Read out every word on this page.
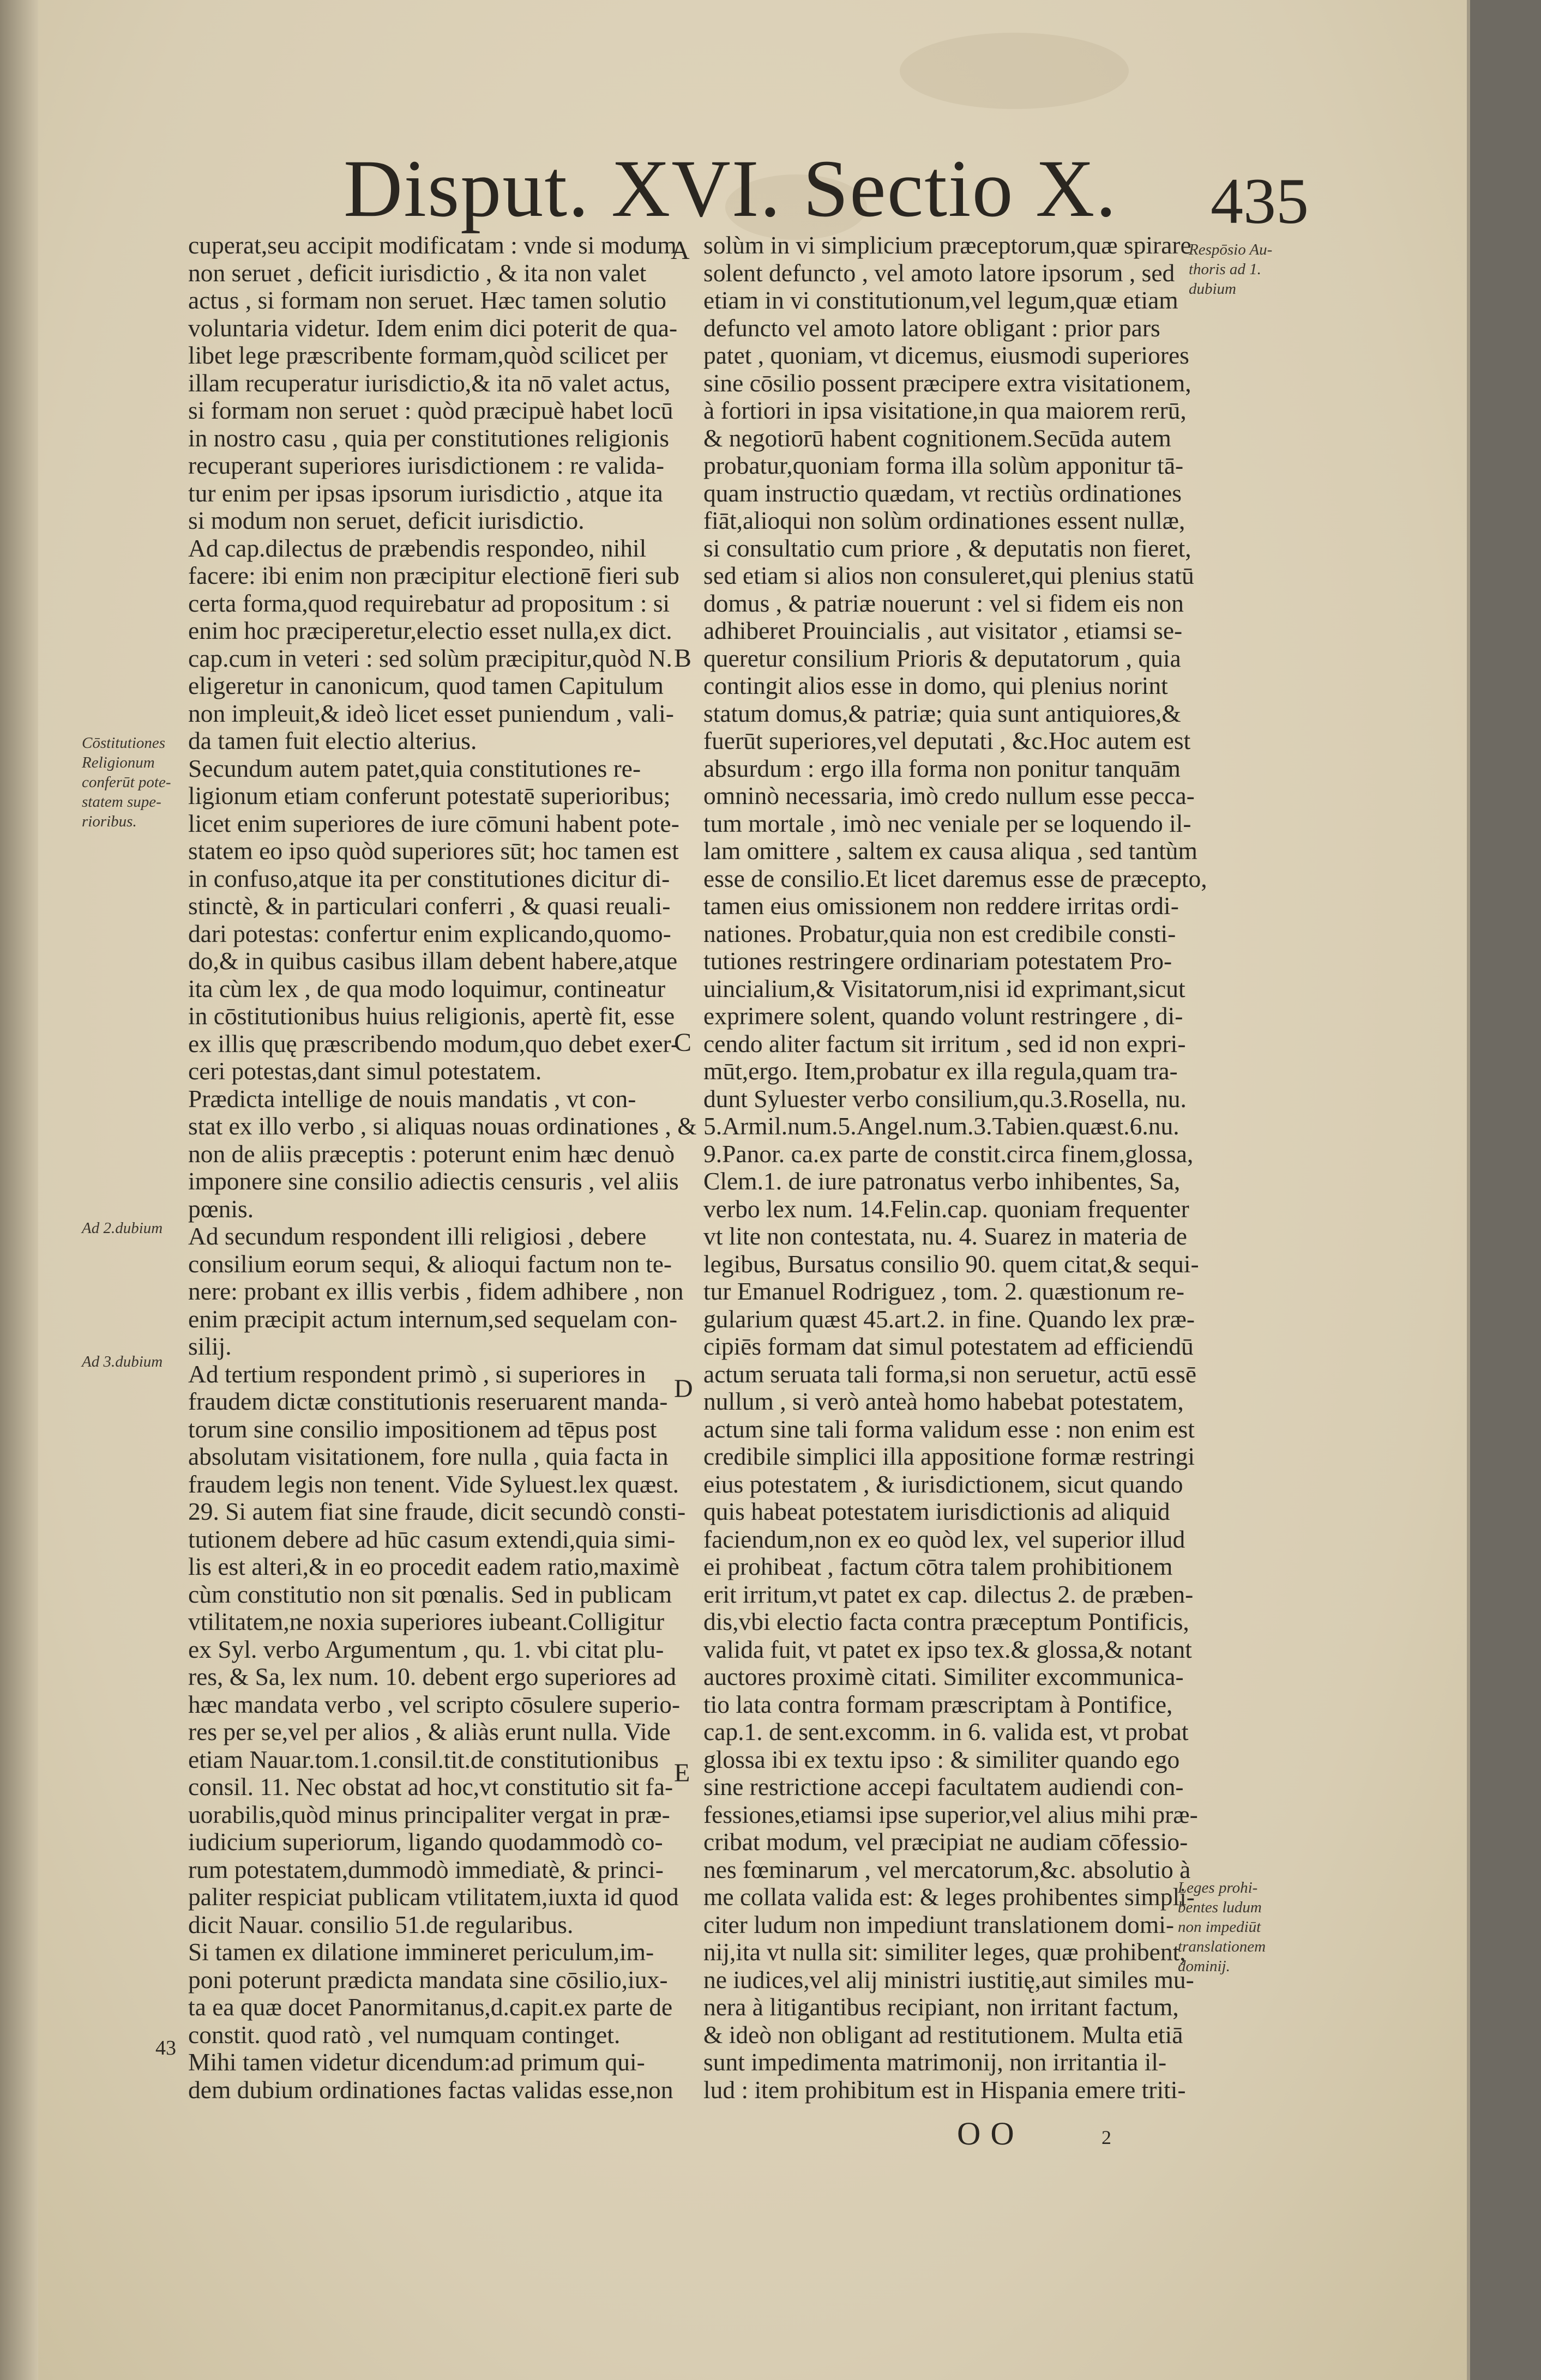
Disput. XVI. Sectio X. 435
cuperat,seu accipit modificatam : vnde si modum
non seruet , deficit iurisdictio , & ita non valet
actus , si formam non seruet. Hæc tamen solutio
voluntaria videtur. Idem enim dici poterit de qua-
libet lege præscribente formam,quòd scilicet per
illam recuperatur iurisdictio,& ita nō valet actus,
si formam non seruet : quòd præcipuè habet locū
in nostro casu , quia per constitutiones religionis
recuperant superiores iurisdictionem : re valida-
tur enim per ipsas ipsorum iurisdictio , atque ita
si modum non seruet, deficit iurisdictio.
Ad cap.dilectus de præbendis respondeo, nihil
facere: ibi enim non præcipitur electionē fieri sub
certa forma,quod requirebatur ad propositum : si
enim hoc præciperetur,electio esset nulla,ex dict.
cap.cum in veteri : sed solùm præcipitur,quòd N.
eligeretur in canonicum, quod tamen Capitulum
non impleuit,& ideò licet esset puniendum , vali-
da tamen fuit electio alterius.
Secundum autem patet,quia constitutiones re-
ligionum etiam conferunt potestatē superioribus;
licet enim superiores de iure cōmuni habent pote-
statem eo ipso quòd superiores sūt; hoc tamen est
in confuso,atque ita per constitutiones dicitur di-
stinctè, & in particulari conferri , & quasi reuali-
dari potestas: confertur enim explicando,quomo-
do,& in quibus casibus illam debent habere,atque
ita cùm lex , de qua modo loquimur, contineatur
in cōstitutionibus huius religionis, apertè fit, esse
ex illis quę præscribendo modum,quo debet exer-
ceri potestas,dant simul potestatem.
Prædicta intellige de nouis mandatis , vt con-
stat ex illo verbo , si aliquas nouas ordinationes , &
non de aliis præceptis : poterunt enim hæc denuò
imponere sine consilio adiectis censuris , vel aliis
pœnis.
Ad secundum respondent illi religiosi , debere
consilium eorum sequi, & alioqui factum non te-
nere: probant ex illis verbis , fidem adhibere , non
enim præcipit actum internum,sed sequelam con-
silij.
Ad tertium respondent primò , si superiores in
fraudem dictæ constitutionis reseruarent manda-
torum sine consilio impositionem ad tēpus post
absolutam visitationem, fore nulla , quia facta in
fraudem legis non tenent. Vide Syluest.lex quæst.
29. Si autem fiat sine fraude, dicit secundò consti-
tutionem debere ad hūc casum extendi,quia simi-
lis est alteri,& in eo procedit eadem ratio,maximè
cùm constitutio non sit pœnalis. Sed in publicam
vtilitatem,ne noxia superiores iubeant.Colligitur
ex Syl. verbo Argumentum , qu. 1. vbi citat plu-
res, & Sa, lex num. 10. debent ergo superiores ad
hæc mandata verbo , vel scripto cōsulere superio-
res per se,vel per alios , & aliàs erunt nulla. Vide
etiam Nauar.tom.1.consil.tit.de constitutionibus
consil. 11. Nec obstat ad hoc,vt constitutio sit fa-
uorabilis,quòd minus principaliter vergat in præ-
iudicium superiorum, ligando quodammodò co-
rum potestatem,dummodò immediatè, & princi-
paliter respiciat publicam vtilitatem,iuxta id quod
dicit Nauar. consilio 51.de regularibus.
Si tamen ex dilatione immineret periculum,im-
poni poterunt prædicta mandata sine cōsilio,iux-
ta ea quæ docet Panormitanus,d.capit.ex parte de
constit. quod ratò , vel numquam continget.
Mihi tamen videtur dicendum:ad primum qui-
dem dubium ordinationes factas validas esse,non
solùm in vi simplicium præceptorum,quæ spirare
solent defuncto , vel amoto latore ipsorum , sed
etiam in vi constitutionum,vel legum,quæ etiam
defuncto vel amoto latore obligant : prior pars
patet , quoniam, vt dicemus, eiusmodi superiores
sine cōsilio possent præcipere extra visitationem,
à fortiori in ipsa visitatione,in qua maiorem rerū,
& negotiorū habent cognitionem.Secūda autem
probatur,quoniam forma illa solùm apponitur tā-
quam instructio quædam, vt rectiùs ordinationes
fiāt,alioqui non solùm ordinationes essent nullæ,
si consultatio cum priore , & deputatis non fieret,
sed etiam si alios non consuleret,qui plenius statū
domus , & patriæ nouerunt : vel si fidem eis non
adhiberet Prouincialis , aut visitator , etiamsi se-
queretur consilium Prioris & deputatorum , quia
contingit alios esse in domo, qui plenius norint
statum domus,& patriæ; quia sunt antiquiores,&
fuerūt superiores,vel deputati , &c.Hoc autem est
absurdum : ergo illa forma non ponitur tanquām
omninò necessaria, imò credo nullum esse pecca-
tum mortale , imò nec veniale per se loquendo il-
lam omittere , saltem ex causa aliqua , sed tantùm
esse de consilio.Et licet daremus esse de præcepto,
tamen eius omissionem non reddere irritas ordi-
nationes. Probatur,quia non est credibile consti-
tutiones restringere ordinariam potestatem Pro-
uincialium,& Visitatorum,nisi id exprimant,sicut
exprimere solent, quando volunt restringere , di-
cendo aliter factum sit irritum , sed id non expri-
mūt,ergo. Item,probatur ex illa regula,quam tra-
dunt Syluester verbo consilium,qu.3.Rosella, nu.
5.Armil.num.5.Angel.num.3.Tabien.quæst.6.nu.
9.Panor. ca.ex parte de constit.circa finem,glossa,
Clem.1. de iure patronatus verbo inhibentes, Sa,
verbo lex num. 14.Felin.cap. quoniam frequenter
vt lite non contestata, nu. 4. Suarez in materia de
legibus, Bursatus consilio 90. quem citat,& sequi-
tur Emanuel Rodriguez , tom. 2. quæstionum re-
gularium quæst 45.art.2. in fine. Quando lex præ-
cipiēs formam dat simul potestatem ad efficiendū
actum seruata tali forma,si non seruetur, actū essē
nullum , si verò anteà homo habebat potestatem,
actum sine tali forma validum esse : non enim est
credibile simplici illa appositione formæ restringi
eius potestatem , & iurisdictionem, sicut quando
quis habeat potestatem iurisdictionis ad aliquid
faciendum,non ex eo quòd lex, vel superior illud
ei prohibeat , factum cōtra talem prohibitionem
erit irritum,vt patet ex cap. dilectus 2. de præben-
dis,vbi electio facta contra præceptum Pontificis,
valida fuit, vt patet ex ipso tex.& glossa,& notant
auctores proximè citati. Similiter excommunica-
tio lata contra formam præscriptam à Pontifice,
cap.1. de sent.excomm. in 6. valida est, vt probat
glossa ibi ex textu ipso : & similiter quando ego
sine restrictione accepi facultatem audiendi con-
fessiones,etiamsi ipse superior,vel alius mihi præ-
cribat modum, vel præcipiat ne audiam cōfessio-
nes fœminarum , vel mercatorum,&c. absolutio à
me collata valida est: & leges prohibentes simpli-
citer ludum non impediunt translationem domi-
nij,ita vt nulla sit: similiter leges, quæ prohibent,
ne iudices,vel alij ministri iustitię,aut similes mu-
nera à litigantibus recipiant, non irritant factum,
& ideò non obligant ad restitutionem. Multa etiā
sunt impedimenta matrimonij, non irritantia il-
lud : item prohibitum est in Hispania emere triti-
Cōstitutiones
Religionum
conferūt pote-
statem supe-
rioribus.
Ad 2.dubium
Ad 3.dubium
Respōsio Au-
thoris ad 1.
dubium
Leges prohi-
bentes ludum
non impediūt
translationem
dominij.
A
B
C
D
E
43
OO	2
